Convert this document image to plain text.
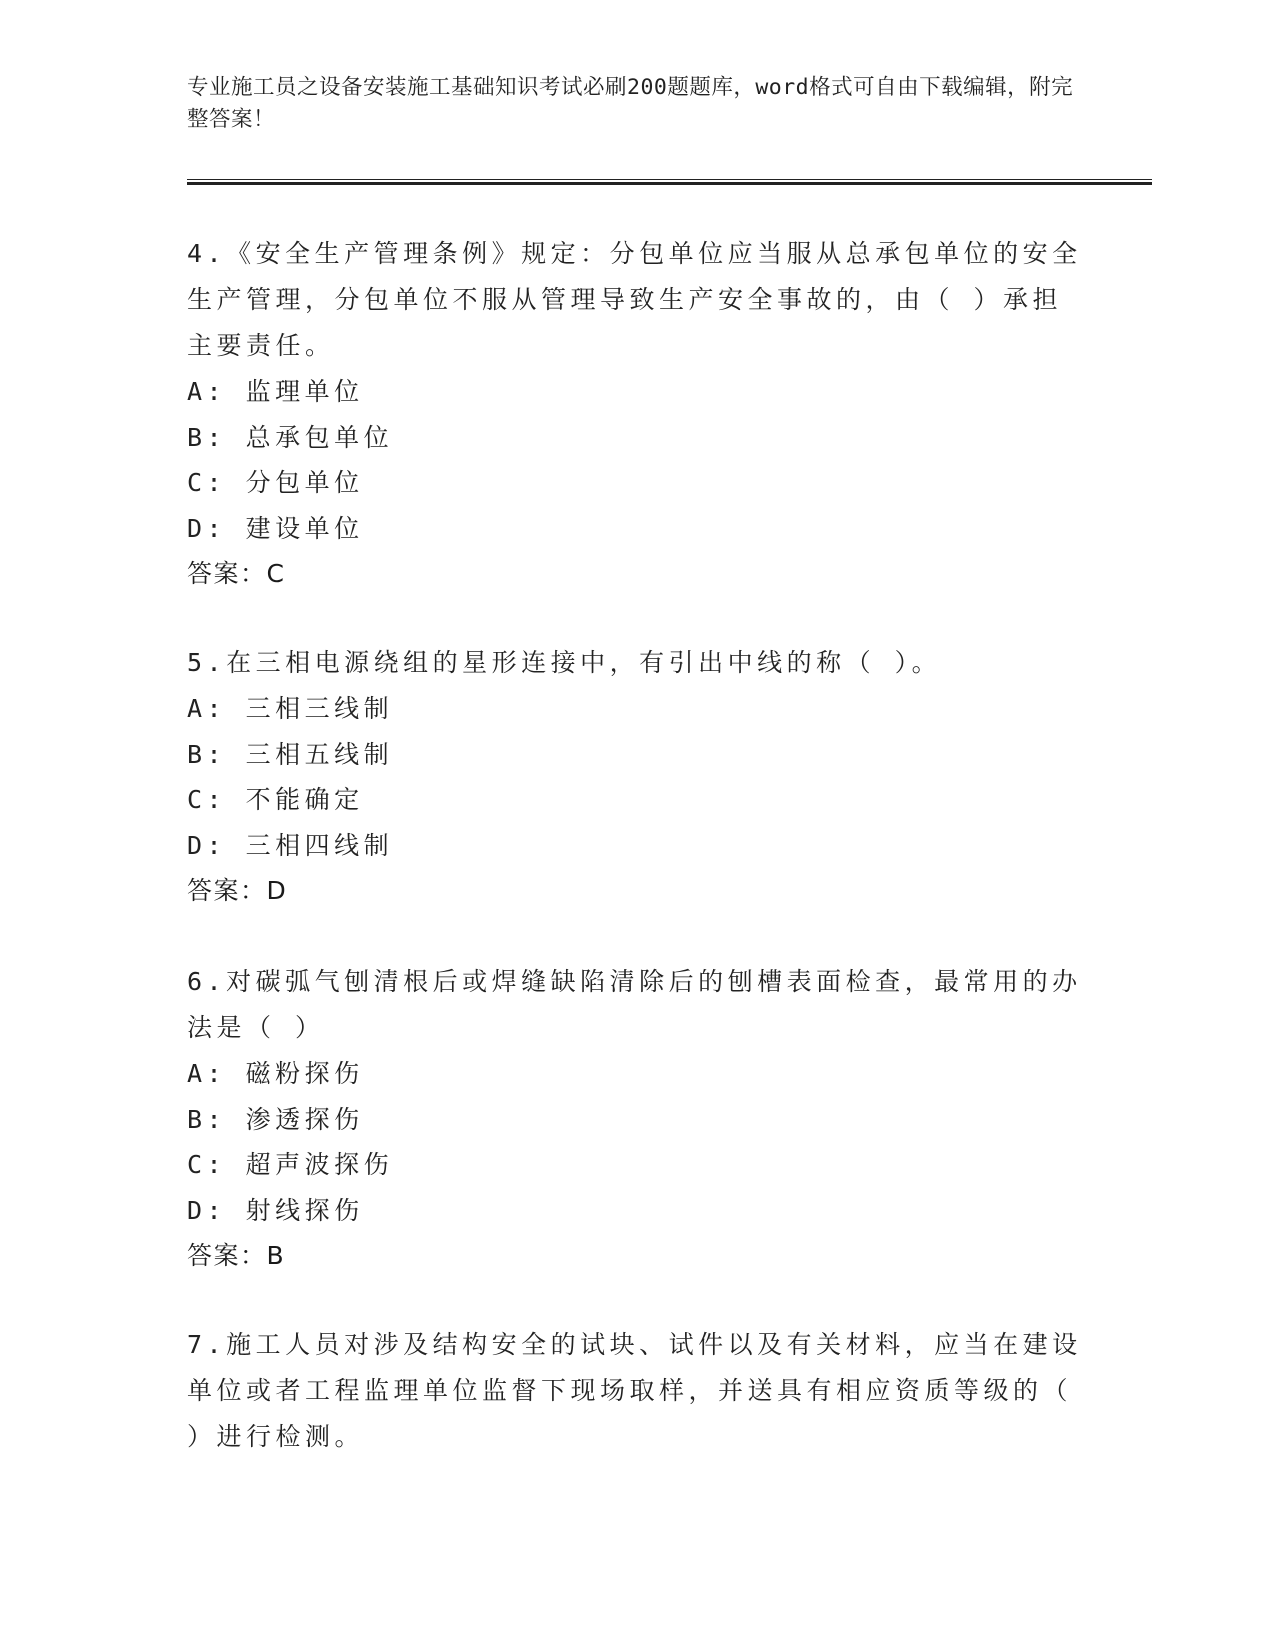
专业施工员之设备安装施工基础知识考试必刷200题题库，word格式可自由下载编辑，附完整答案！

4.《安全生产管理条例》规定：分包单位应当服从总承包单位的安全生产管理，分包单位不服从管理导致生产安全事故的，由（ ）承担主要责任。

A: 监理单位

B: 总承包单位

C: 分包单位

D: 建设单位

答案：C

5.在三相电源绕组的星形连接中，有引出中线的称（ ）。

A: 三相三线制

B: 三相五线制

C: 不能确定

D: 三相四线制

答案：D

6.对碳弧气刨清根后或焊缝缺陷清除后的刨槽表面检查，最常用的办法是（ ）

A: 磁粉探伤

B: 渗透探伤

C: 超声波探伤

D: 射线探伤

答案：B

7.施工人员对涉及结构安全的试块、试件以及有关材料，应当在建设单位或者工程监理单位监督下现场取样，并送具有相应资质等级的（ ）进行检测。
